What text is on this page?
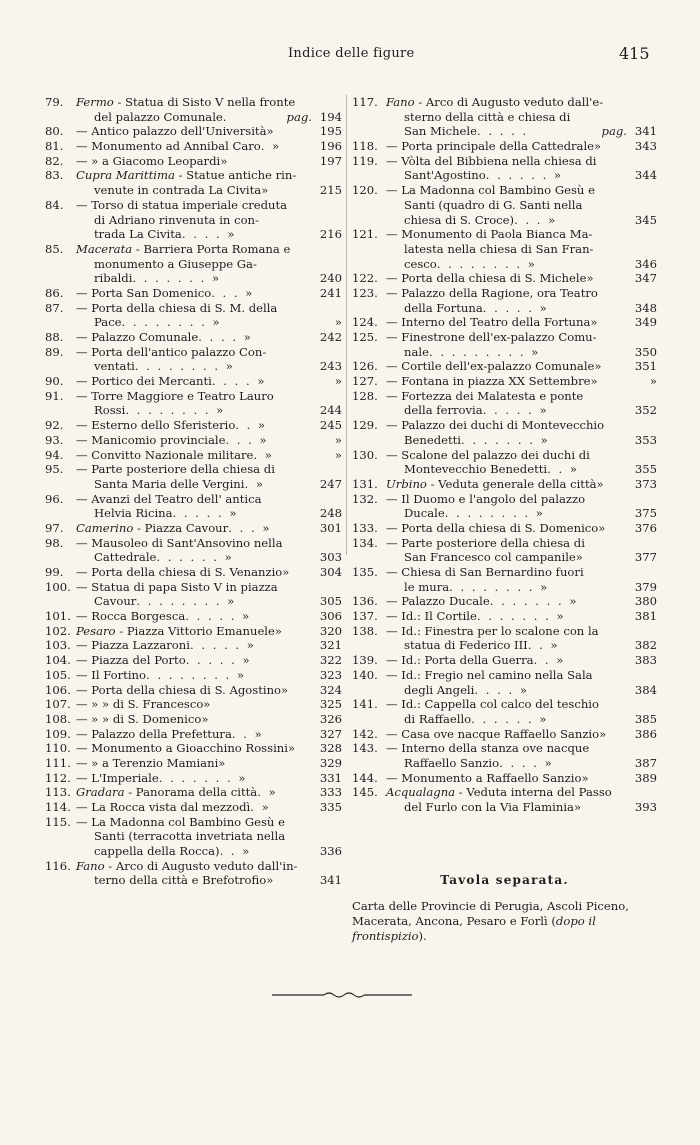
Indice delle figure	415
79. Fermo - Statua di Sisto V nella fronte
del palazzo Comunale.	pag. 194
80. — Antico palazzo dell'Università»	195
81. — Monumento ad Annibal Caro. »	196
82. — » a Giacomo Leopardi»	197
83. Cupra Marittima - Statue antiche rin-
venute in contrada La Civita»	215
84. — Torso di statua imperiale creduta
di Adriano rinvenuta in con-
trada La Civita. . . . »	216
85. Macerata - Barriera Porta Romana e
monumento a Giuseppe Ga-
ribaldi. . . . . . . »	240
86. — Porta San Domenico. . . »	241
87. — Porta della chiesa di S. M. della
Pace. . . . . . . . »	»
88. — Palazzo Comunale. . . . »	242
89. — Porta dell'antico palazzo Con-
ventati. . . . . . . . »	243
90. — Portico dei Mercanti. . . . »	»
91. — Torre Maggiore e Teatro Lauro
Rossi. . . . . . . . »	244
92. — Esterno dello Sferisterio. . »	245
93. — Manicomio provinciale. . . »	»
94. — Convitto Nazionale militare. »	»
95. — Parte posteriore della chiesa di
Santa Maria delle Vergini. »	247
96. — Avanzi del Teatro dell' antica
Helvia Ricina. . . . . »	248
97. Camerino - Piazza Cavour. . . »	301
98. — Mausoleo di Sant'Ansovino nella
Cattedrale. . . . . . »	303
99. — Porta della chiesa di S. Venanzio»	304
100. — Statua di papa Sisto V in piazza
Cavour. . . . . . . . »	305
101. — Rocca Borgesca. . . . . »	306
102. Pesaro - Piazza Vittorio Emanuele»	320
103. — Piazza Lazzaroni. . . . . »	321
104. — Piazza del Porto. . . . . »	322
105. — Il Fortino. . . . . . . . »	323
106. — Porta della chiesa di S. Agostino»	324
107. — » » di S. Francesco»	325
108. — » » di S. Domenico»	326
109. — Palazzo della Prefettura. . »	327
110. — Monumento a Gioacchino Rossini»	328
111. — » a Terenzio Mamiani»	329
112. — L'Imperiale. . . . . . . »	331
113. Gradara - Panorama della città. »	333
114. — La Rocca vista dal mezzodì. »	335
115. — La Madonna col Bambino Gesù e
Santi (terracotta invetriata nella
cappella della Rocca). . »	336
116. Fano - Arco di Augusto veduto dall'in-
terno della città e Brefotrofio»	341
117. Fano - Arco di Augusto veduto dall'e-
sterno della città e chiesa di
San Michele. . . . .	pag. 341
118. — Porta principale della Cattedrale»	343
119. — Vòlta del Bibbiena nella chiesa di
Sant'Agostino. . . . . . »	344
120. — La Madonna col Bambino Gesù e
Santi (quadro di G. Santi nella
chiesa di S. Croce). . . »	345
121. — Monumento di Paola Bianca Ma-
latesta nella chiesa di San Fran-
cesco. . . . . . . . »	346
122. — Porta della chiesa di S. Michele»	347
123. — Palazzo della Ragione, ora Teatro
della Fortuna. . . . . »	348
124. — Interno del Teatro della Fortuna»	349
125. — Finestrone dell'ex-palazzo Comu-
nale. . . . . . . . . »	350
126. — Cortile dell'ex-palazzo Comunale»	351
127. — Fontana in piazza XX Settembre»	»
128. — Fortezza dei Malatesta e ponte
della ferrovia. . . . . »	352
129. — Palazzo dei duchi di Montevecchio
Benedetti. . . . . . . »	353
130. — Scalone del palazzo dei duchi di
Montevecchio Benedetti. . »	355
131. Urbino - Veduta generale della città»	373
132. — Il Duomo e l'angolo del palazzo
Ducale. . . . . . . . »	375
133. — Porta della chiesa di S. Domenico»	376
134. — Parte posteriore della chiesa di
San Francesco col campanile»	377
135. — Chiesa di San Bernardino fuori
le mura. . . . . . . . »	379
136. — Palazzo Ducale. . . . . . . »	380
137. — Id.: Il Cortile. . . . . . . »	381
138. — Id.: Finestra per lo scalone con la
statua di Federico III. . »	382
139. — Id.: Porta della Guerra. . »	383
140. — Id.: Fregio nel camino nella Sala
degli Angeli. . . . »	384
141. — Id.: Cappella col calco del teschio
di Raffaello. . . . . . »	385
142. — Casa ove nacque Raffaello Sanzio»	386
143. — Interno della stanza ove nacque
Raffaello Sanzio. . . . »	387
144. — Monumento a Raffaello Sanzio»	389
145. Acqualagna - Veduta interna del Passo
del Furlo con la Via Flaminia»	393
Tavola separata.
Carta delle Provincie di Perugia, Ascoli Piceno, Macerata, Ancona, Pesaro e Forlì (dopo il frontispizio).
